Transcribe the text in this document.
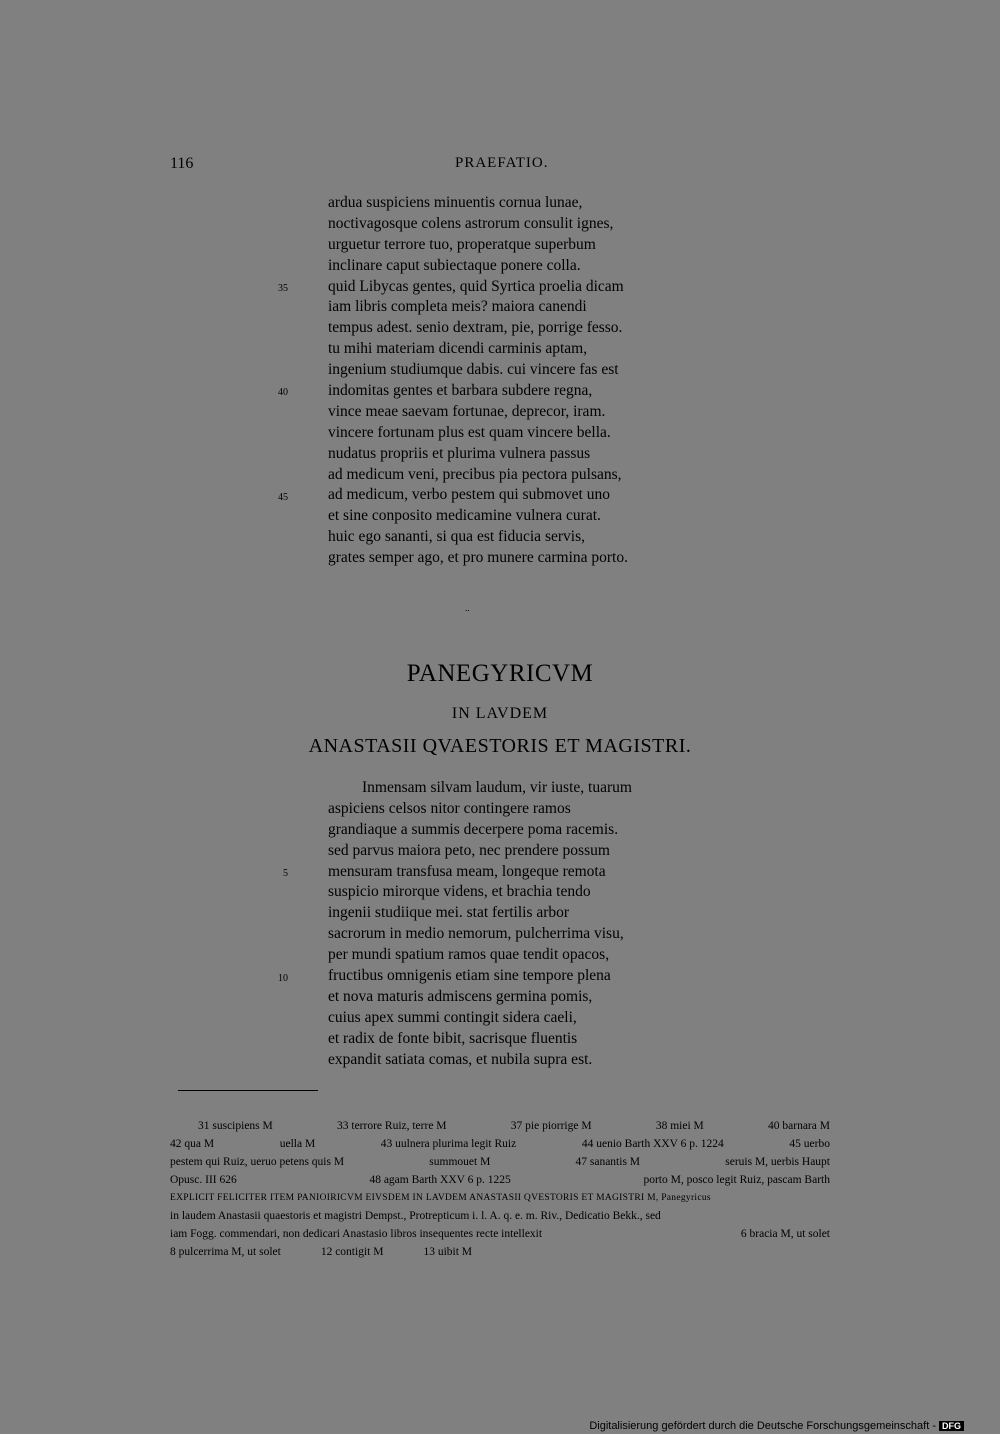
116	PRAEFATIO.
ardua suspiciens minuentis cornua lunae,
noctivagosque colens astrorum consulit ignes,
urguetur terrore tuo, properatque superbum
inclinare caput subiectaque ponere colla.
quid Libycas gentes, quid Syrtica proelia dicam
iam libris completa meis? maiora canendi
tempus adest. senio dextram, pie, porrige fesso.
tu mihi materiam dicendi carminis aptam,
ingenium studiumque dabis. cui vincere fas est
indomitas gentes et barbara subdere regna,
vince meae saevam fortunae, deprecor, iram.
vincere fortunam plus est quam vincere bella.
nudatus propriis et plurima vulnera passus
ad medicum veni, precibus pia pectora pulsans,
ad medicum, verbo pestem qui submovet uno
et sine conposito medicamine vulnera curat.
huic ego sananti, si qua est fiducia servis,
grates semper ago, et pro munere carmina porto.
35
40
45
..
PANEGYRICVM
IN LAVDEM
ANASTASII QVAESTORIS ET MAGISTRI.
Inmensam silvam laudum, vir iuste, tuarum
aspiciens celsos nitor contingere ramos
grandiaque a summis decerpere poma racemis.
sed parvus maiora peto, nec prendere possum
mensuram transfusa meam, longeque remota
suspicio mirorque videns, et brachia tendo
ingenii studiique mei. stat fertilis arbor
sacrorum in medio nemorum, pulcherrima visu,
per mundi spatium ramos quae tendit opacos,
fructibus omnigenis etiam sine tempore plena
et nova maturis admiscens germina pomis,
cuius apex summi contingit sidera caeli,
et radix de fonte bibit, sacrisque fluentis
expandit satiata comas, et nubila supra est.
5
10
31 suscipiens M	33 terrore Ruiz, terre M	37 pie piorrige M	38 miei M	40 barnara M
42 qua M	uella M	43 uulnera plurima legit Ruiz	44 uenio Barth XXV 6 p. 1224	45 uerbo
pestem qui Ruiz, ueruo petens quis M	summouet M	47 sanantis M	seruis M, uerbis Haupt
Opusc. III 626	48 agam Barth XXV 6 p. 1225	porto M, posco legit Ruiz, pascam Barth
EXPLICIT FELICITER ITEM PANIOIRICVM EIVSDEM IN LAVDEM ANASTASII QVESTORIS ET MAGISTRI M, Panegyricus
in laudem Anastasii quaestoris et magistri Dempst., Protrepticum i. l. A. q. e. m. Riv., Dedicatio Bekk., sed
iam Fogg. commendari, non dedicari Anastasio libros insequentes recte intellexit	6 bracia M, ut solet
8 pulcerrima M, ut solet	12 contigit M	13 uibit M
Digitalisierung gefördert durch die Deutsche Forschungsgemeinschaft - DFG
